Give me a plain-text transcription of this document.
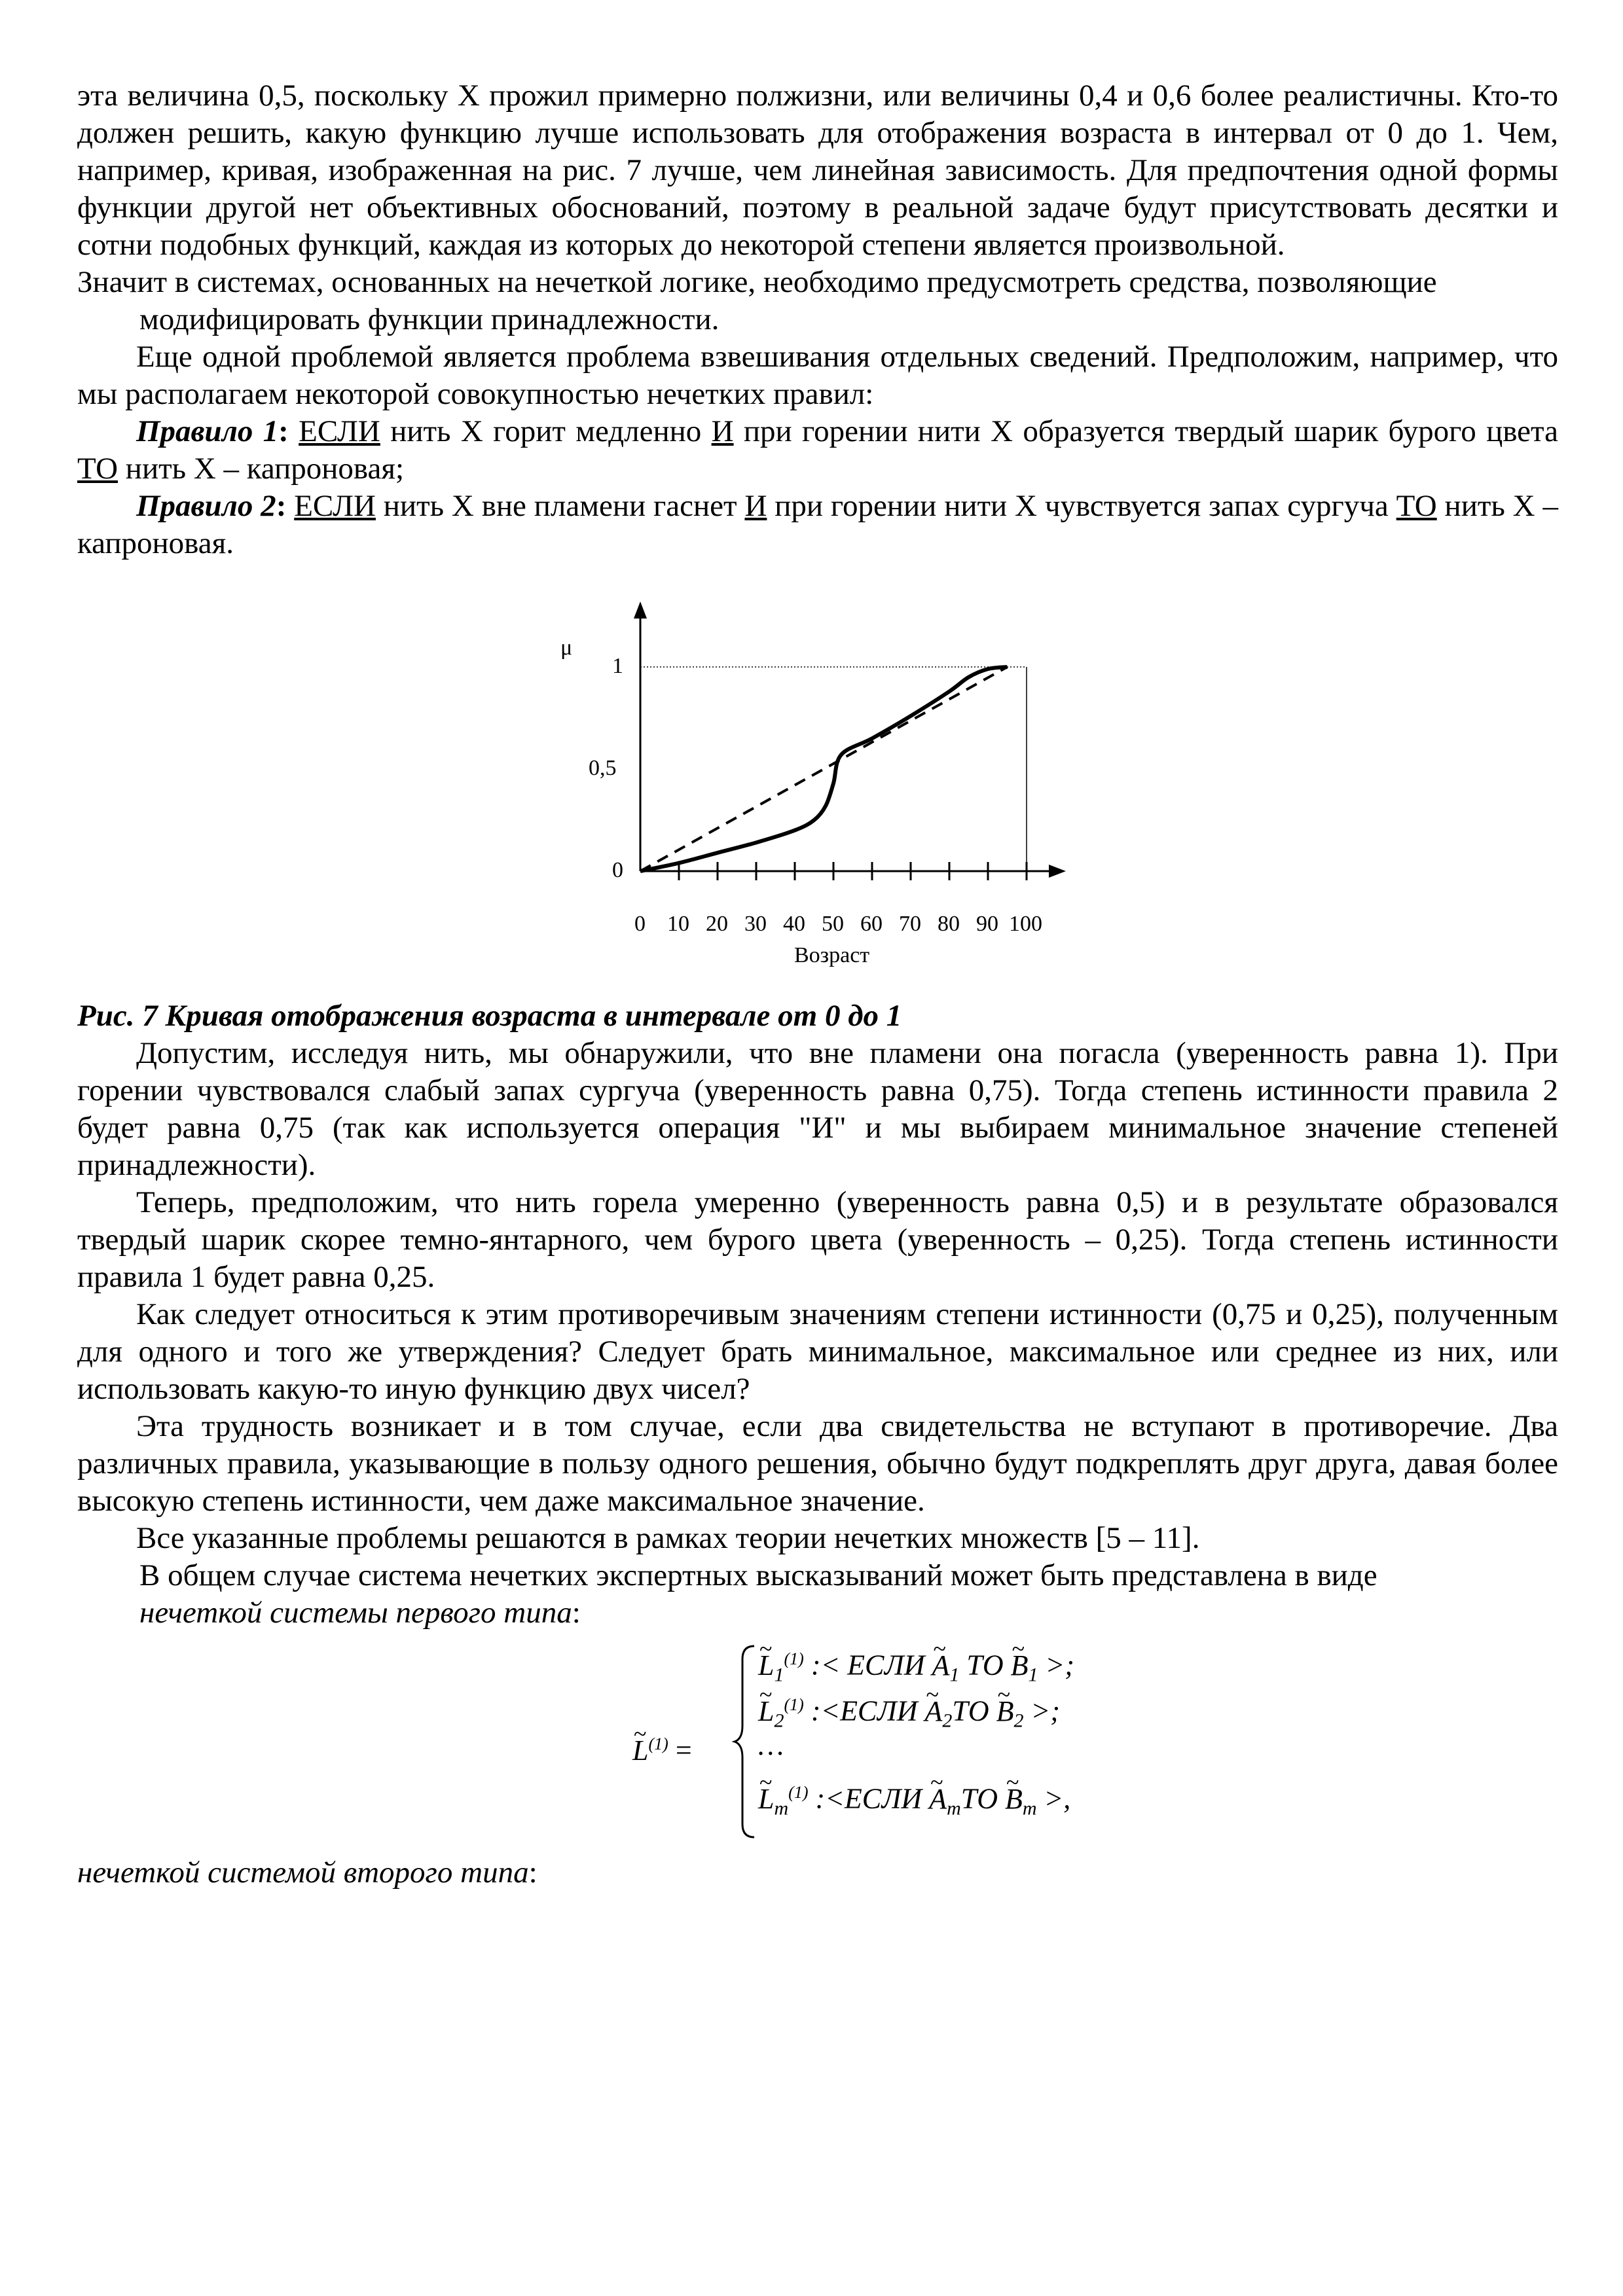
эта величина 0,5, поскольку X прожил примерно полжизни, или величины 0,4 и 0,6 более реалистичны. Кто-то должен решить, какую функцию лучше использовать для отображения возраста в интервал от 0 до 1. Чем, например, кривая, изображенная на рис. 7 лучше, чем линейная зависимость. Для предпочтения одной формы функции другой нет объективных обоснований, поэтому в реальной задаче будут присутствовать десятки и сотни подобных функций, каждая из которых до некоторой степени является произвольной.

Значит в системах, основанных на нечеткой логике, необходимо предусмотреть средства, позволяющие модифицировать функции принадлежности.

Еще одной проблемой является проблема взвешивания отдельных сведений. Предположим, например, что мы располагаем некоторой совокупностью нечетких правил:

Правило 1: ЕСЛИ нить X горит медленно И при горении нити X образуется твердый шарик бурого цвета ТО нить X – капроновая;

Правило 2: ЕСЛИ нить X вне пламени гаснет И при горении нити X чувствуется запах сургуча ТО нить X – капроновая.

μ
1
0,5
0
0 10 20 30 40 50 60 70 80 90 100
Возраст

Рис. 7 Кривая отображения возраста в интервале от 0 до 1

Допустим, исследуя нить, мы обнаружили, что вне пламени она погасла (уверенность равна 1). При горении чувствовался слабый запах сургуча (уверенность равна 0,75). Тогда степень истинности правила 2 будет равна 0,75 (так как используется операция "И" и мы выбираем минимальное значение степеней принадлежности).

Теперь, предположим, что нить горела умеренно (уверенность равна 0,5) и в результате образовался твердый шарик скорее темно-янтарного, чем бурого цвета (уверенность – 0,25). Тогда степень истинности правила 1 будет равна 0,25.

Как следует относиться к этим противоречивым значениям степени истинности (0,75 и 0,25), полученным для одного и того же утверждения? Следует брать минимальное, максимальное или среднее из них, или использовать какую-то иную функцию двух чисел?

Эта трудность возникает и в том случае, если два свидетельства не вступают в противоречие. Два различных правила, указывающие в пользу одного решения, обычно будут подкреплять друг друга, давая более высокую степень истинности, чем даже максимальное значение.

Все указанные проблемы решаются в рамках теории нечетких множеств [5 – 11].

В общем случае система нечетких экспертных высказываний может быть представлена в виде
нечеткой системы первого типа:

~ $L^{(1)}$ =
~ $L_1^{(1)}$ :< ЕСЛИ ~ $A_1$ ТО ~ $B_1$ >;
~ $L_2^{(1)}$ :<ЕСЛИ ~ $A_2ТО$ ~ $B_2$ >;
…
~ $L_m^{(1)}$ :<ЕСЛИ ~ $A_mТО$ ~ $B_m$ >,

нечеткой системой второго типа:
